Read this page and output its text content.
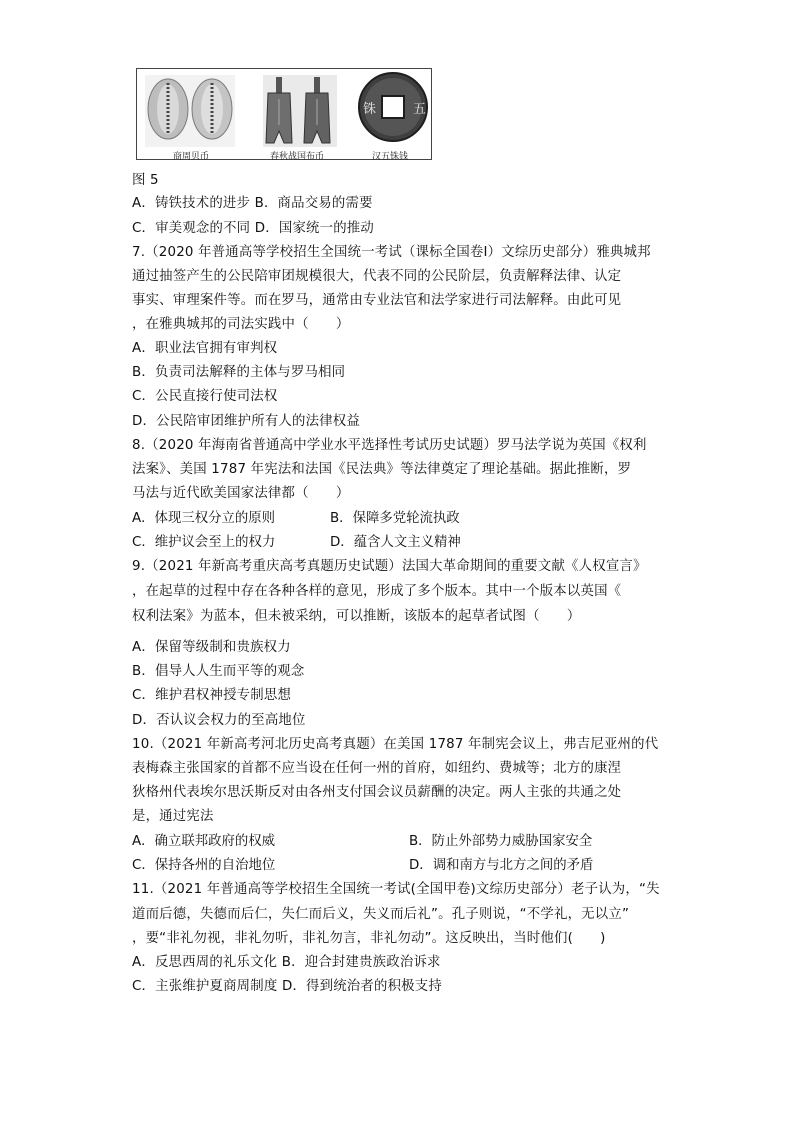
五
铢
商周贝币	春秋战国布币	汉五铢钱
图 5
A．铸铁技术的进步 B．商品交易的需要
C．审美观念的不同 D．国家统一的推动
7.（2020 年普通高等学校招生全国统一考试（课标全国卷Ⅰ）文综历史部分）雅典城邦
通过抽签产生的公民陪审团规模很大，代表不同的公民阶层，负责解释法律、认定
事实、审理案件等。而在罗马，通常由专业法官和法学家进行司法解释。由此可见
，在雅典城邦的司法实践中（　　）
A．职业法官拥有审判权
B．负责司法解释的主体与罗马相同
C．公民直接行使司法权
D．公民陪审团维护所有人的法律权益
8.（2020 年海南省普通高中学业水平选择性考试历史试题）罗马法学说为英国《权利
法案》、美国 1787 年宪法和法国《民法典》等法律奠定了理论基础。据此推断，罗
马法与近代欧美国家法律都（　　）
A．体现三权分立的原则	B．保障多党轮流执政
C．维护议会至上的权力	D．蕴含人文主义精神
9.（2021 年新高考重庆高考真题历史试题）法国大革命期间的重要文献《人权宣言》
，在起草的过程中存在各种各样的意见，形成了多个版本。其中一个版本以英国《
权利法案》为蓝本，但未被采纳，可以推断，该版本的起草者试图（　　）
A．保留等级制和贵族权力
B．倡导人人生而平等的观念
C．维护君权神授专制思想
D．否认议会权力的至高地位
10.（2021 年新高考河北历史高考真题）在美国 1787 年制宪会议上，弗吉尼亚州的代
表梅森主张国家的首都不应当设在任何一州的首府，如纽约、费城等；北方的康涅
狄格州代表埃尔思沃斯反对由各州支付国会议员薪酬的决定。两人主张的共通之处
是，通过宪法
A．确立联邦政府的权威	B．防止外部势力威胁国家安全
C．保持各州的自治地位	D．调和南方与北方之间的矛盾
11.（2021 年普通高等学校招生全国统一考试(全国甲卷)文综历史部分）老子认为，“失
道而后德，失德而后仁，失仁而后义，失义而后礼”。孔子则说，“不学礼，无以立”
，要“非礼勿视，非礼勿听，非礼勿言，非礼勿动”。这反映出，当时他们(　　)
A．反思西周的礼乐文化 B．迎合封建贵族政治诉求
C．主张维护夏商周制度 D．得到统治者的积极支持
